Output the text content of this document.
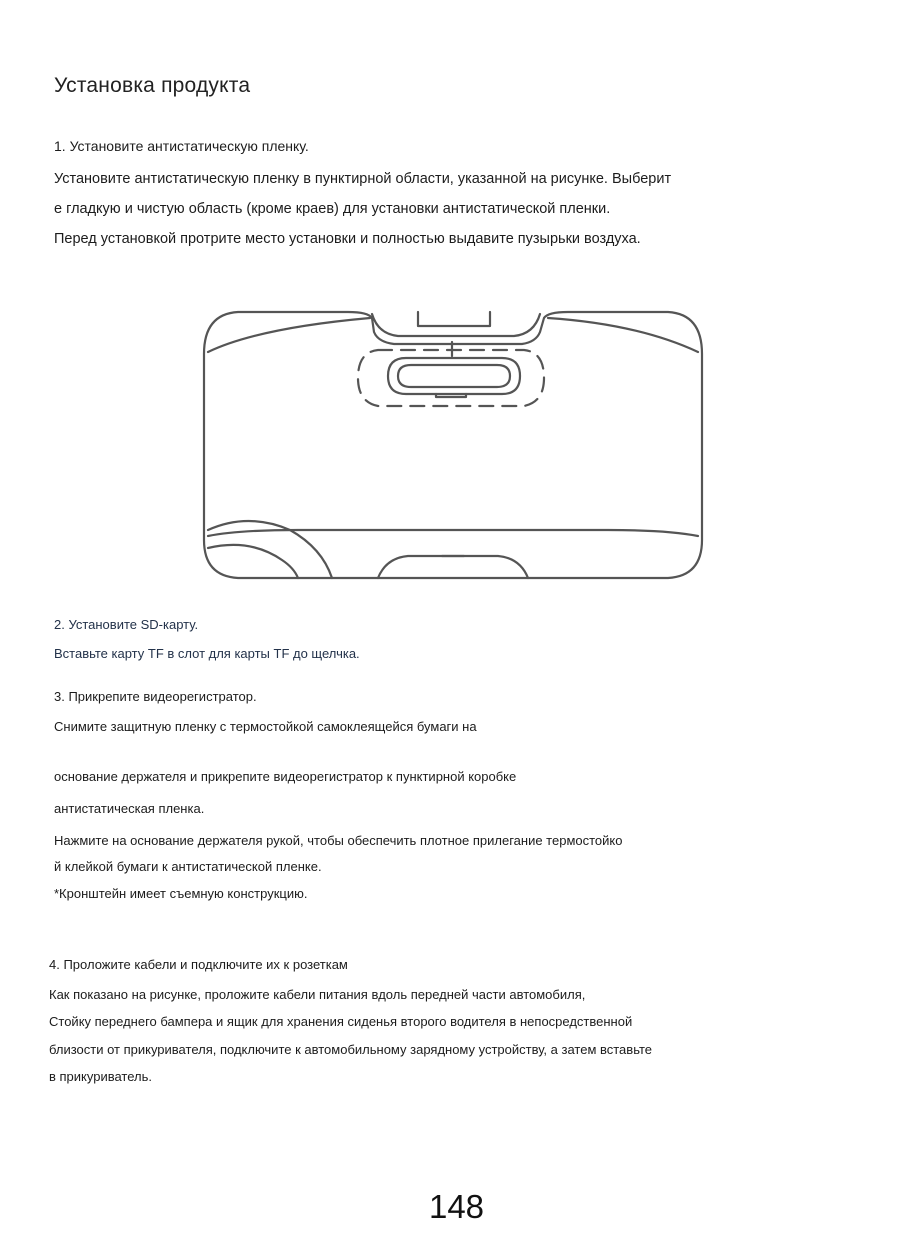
Установка продукта
1. Установите антистатическую пленку.
Установите антистатическую пленку в пунктирной области, указанной на рисунке. Выберит
е гладкую и чистую область (кроме краев) для установки антистатической пленки.
Перед установкой протрите место установки и полностью выдавите пузырьки воздуха.
2. Установите SD-карту.
Вставьте карту TF в слот для карты TF до щелчка.
3. Прикрепите видеорегистратор.
Снимите защитную пленку с термостойкой самоклеящейся бумаги на
основание держателя и прикрепите видеорегистратор к пунктирной коробке
антистатическая пленка.
Нажмите на основание держателя рукой, чтобы обеспечить плотное прилегание термостойко
й клейкой бумаги к антистатической пленке.
*Кронштейн имеет съемную конструкцию.
4. Проложите кабели и подключите их к розеткам
Как показано на рисунке, проложите кабели питания вдоль передней части автомобиля,
Стойку переднего бампера и ящик для хранения сиденья второго водителя в непосредственной
близости от прикуривателя, подключите к автомобильному зарядному устройству, а затем вставьте
в прикуриватель.
148
